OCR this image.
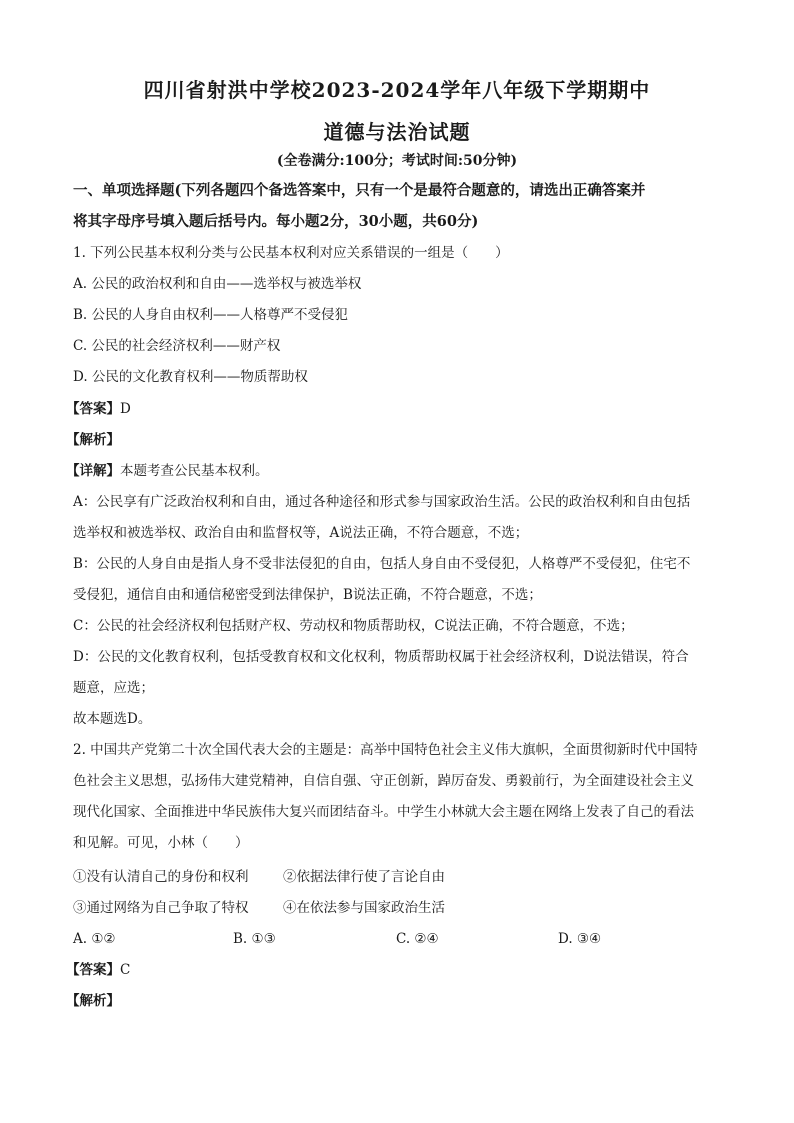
四川省射洪中学校2023-2024学年八年级下学期期中
道德与法治试题
(全卷满分:100分；考试时间:50分钟)
一、单项选择题(下列各题四个备选答案中，只有一个是最符合题意的，请选出正确答案并
将其字母序号填入题后括号内。每小题2分，30小题，共60分)
1. 下列公民基本权利分类与公民基本权利对应关系错误的一组是（　　）
A. 公民的政治权利和自由——选举权与被选举权
B. 公民的人身自由权利——人格尊严不受侵犯
C. 公民的社会经济权利——财产权
D. 公民的文化教育权利——物质帮助权
【 答案 】 D
【 解析 】
【 详解 】 本题考查公民基本权利。
A：公民享有广泛政治权利和自由，通过各种途径和形式参与国家政治生活。公民的政治权利和自由包括
选举权和被选举权、政治自由和监督权等，A说法正确，不符合题意，不选；
B：公民的人身自由是指人身不受非法侵犯的自由，包括人身自由不受侵犯，人格尊严不受侵犯，住宅不
受侵犯，通信自由和通信秘密受到法律保护，B说法正确，不符合题意，不选；
C：公民的社会经济权利包括财产权、劳动权和物质帮助权，C说法正确，不符合题意，不选；
D：公民的文化教育权利，包括受教育权和文化权利，物质帮助权属于社会经济权利，D说法错误，符合
题意，应选；
故本题选D。
2. 中国共产党第二十次全国代表大会的主题是：高举中国特色社会主义伟大旗帜，全面贯彻新时代中国特
色社会主义思想，弘扬伟大建党精神，自信自强、守正创新，踔厉奋发、勇毅前行，为全面建设社会主义
现代化国家、全面推进中华民族伟大复兴而团结奋斗。中学生小林就大会主题在网络上发表了自己的看法
和见解。可见，小林（　　）
①没有认清自己的身份和权利	②依据法律行使了言论自由
③通过网络为自己争取了特权	④在依法参与国家政治生活
A. ①②	B. ①③	C. ②④	D. ③④
【 答案 】 C
【 解析 】
